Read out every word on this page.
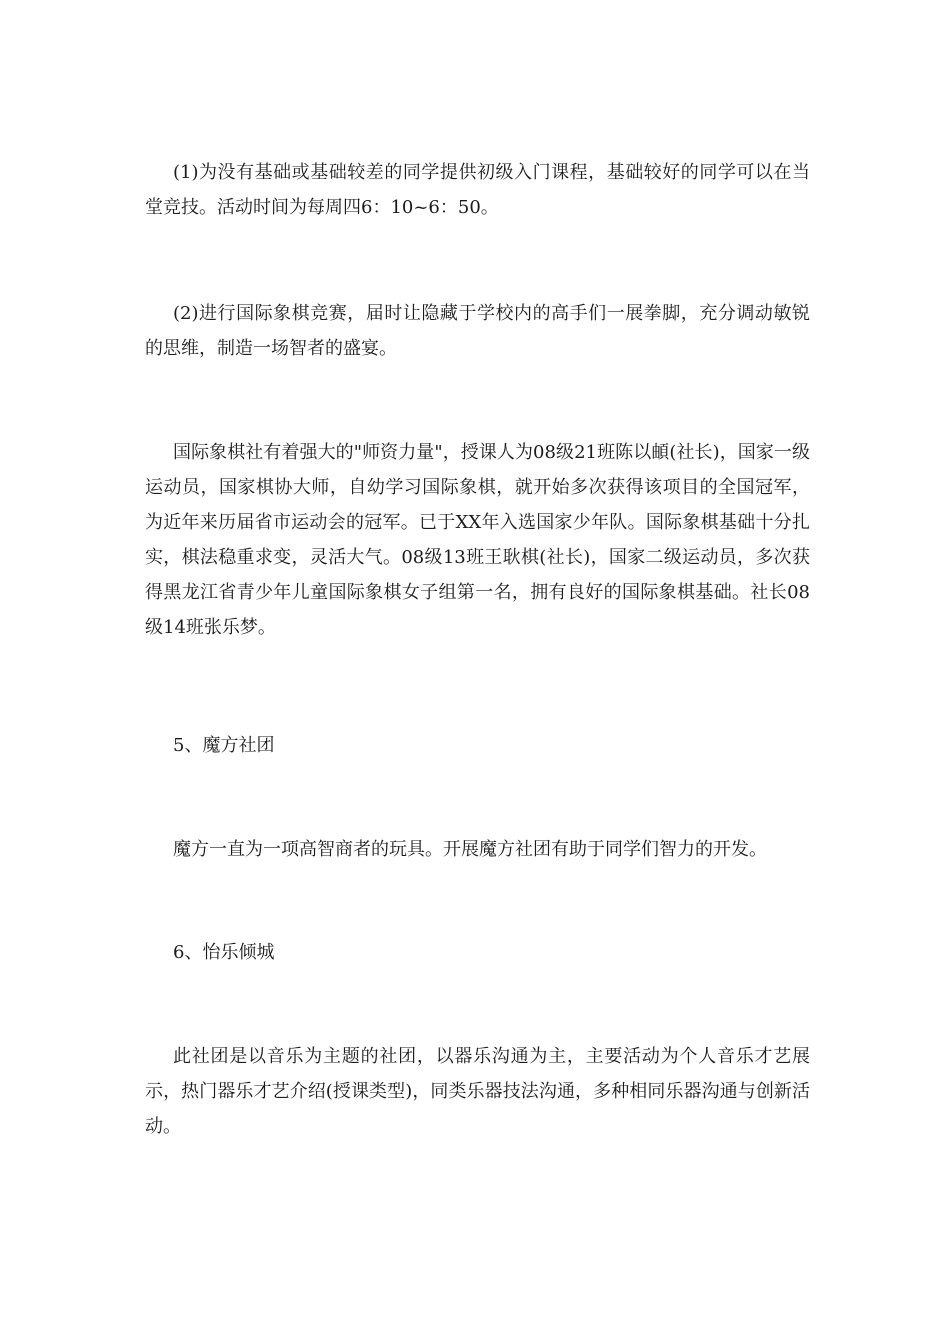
(1)为没有基础或基础较差的同学提供初级入门课程，基础较好的同学可以在当堂竞技。活动时间为每周四6：10~6：50。

(2)进行国际象棋竞赛，届时让隐藏于学校内的高手们一展拳脚，充分调动敏锐的思维，制造一场智者的盛宴。

国际象棋社有着强大的"师资力量"，授课人为08级21班陈以頔(社长)，国家一级运动员，国家棋协大师，自幼学习国际象棋，就开始多次获得该项目的全国冠军，为近年来历届省市运动会的冠军。已于XX年入选国家少年队。国际象棋基础十分扎实，棋法稳重求变，灵活大气。08级13班王耿棋(社长)，国家二级运动员，多次获得黑龙江省青少年儿童国际象棋女子组第一名，拥有良好的国际象棋基础。社长08级14班张乐梦。

5、魔方社团

魔方一直为一项高智商者的玩具。开展魔方社团有助于同学们智力的开发。

6、怡乐倾城

此社团是以音乐为主题的社团，以器乐沟通为主，主要活动为个人音乐才艺展示，热门器乐才艺介绍(授课类型)，同类乐器技法沟通，多种相同乐器沟通与创新活动。
